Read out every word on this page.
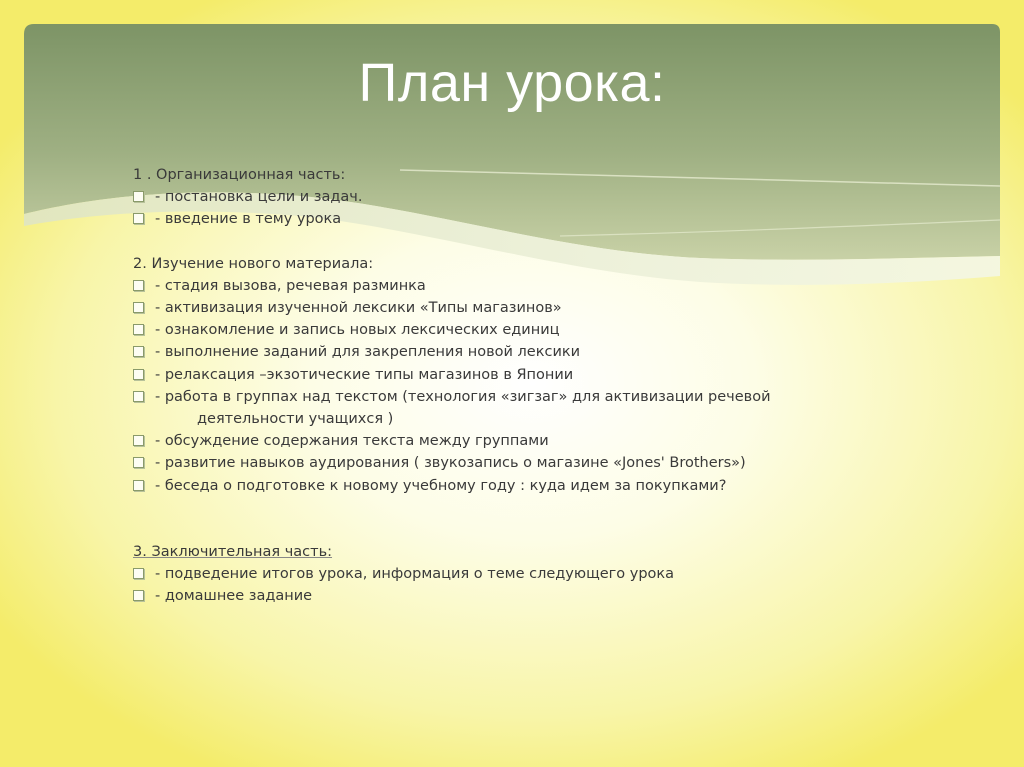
План урока:
1 . Организационная часть:
- постановка цели и задач.
- введение в тему урока
2. Изучение нового материала:
- стадия вызова, речевая разминка
- активизация изученной лексики «Типы магазинов»
- ознакомление и запись новых лексических единиц
- выполнение заданий для закрепления новой лексики
- релаксация –экзотические типы магазинов в Японии
- работа в группах над текстом (технология «зигзаг» для активизации речевой
деятельности учащихся )
- обсуждение содержания текста между группами
- развитие навыков аудирования ( звукозапись о магазине «Jones' Brothers»)
- беседа о подготовке к новому учебному году : куда идем за покупками?
3. Заключительная часть:
- подведение итогов урока, информация о теме следующего урока
- домашнее задание
